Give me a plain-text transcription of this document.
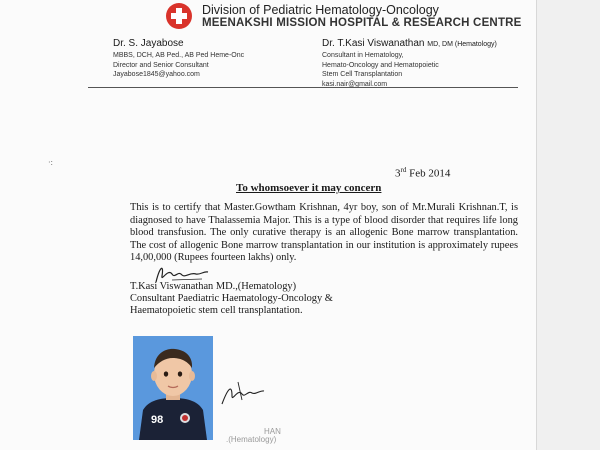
Division of Pediatric Hematology-Oncology
MEENAKSHI MISSION HOSPITAL & RESEARCH CENTRE
Dr. S. Jayabose
MBBS, DCH, AB Ped., AB Ped Heme-Onc
Director and Senior Consultant
Jayabose1845@yahoo.com
Dr. T.Kasi Viswanathan MD, DM (Hematology)
Consultant in Hematology,
Hemato-Oncology and Hematopoietic
Stem Cell Transplantation
kasi.nair@gmail.com
·:
3rd Feb 2014
To whomsoever it may concern
This is to certify that Master.Gowtham Krishnan, 4yr boy, son of Mr.Murali Krishnan.T, is diagnosed to have Thalassemia Major. This is a type of blood disorder that requires life long blood transfusion. The only curative therapy is an allogenic Bone marrow transplantation. The cost of allogenic Bone marrow transplantation in our institution is approximately rupees 14,00,000 (Rupees fourteen lakhs) only.
T.Kasi Viswanathan MD.,(Hematology)
Consultant Paediatric Haematology-Oncology &
Haematopoietic stem cell transplantation.
98
HAN
.(Hematology)
